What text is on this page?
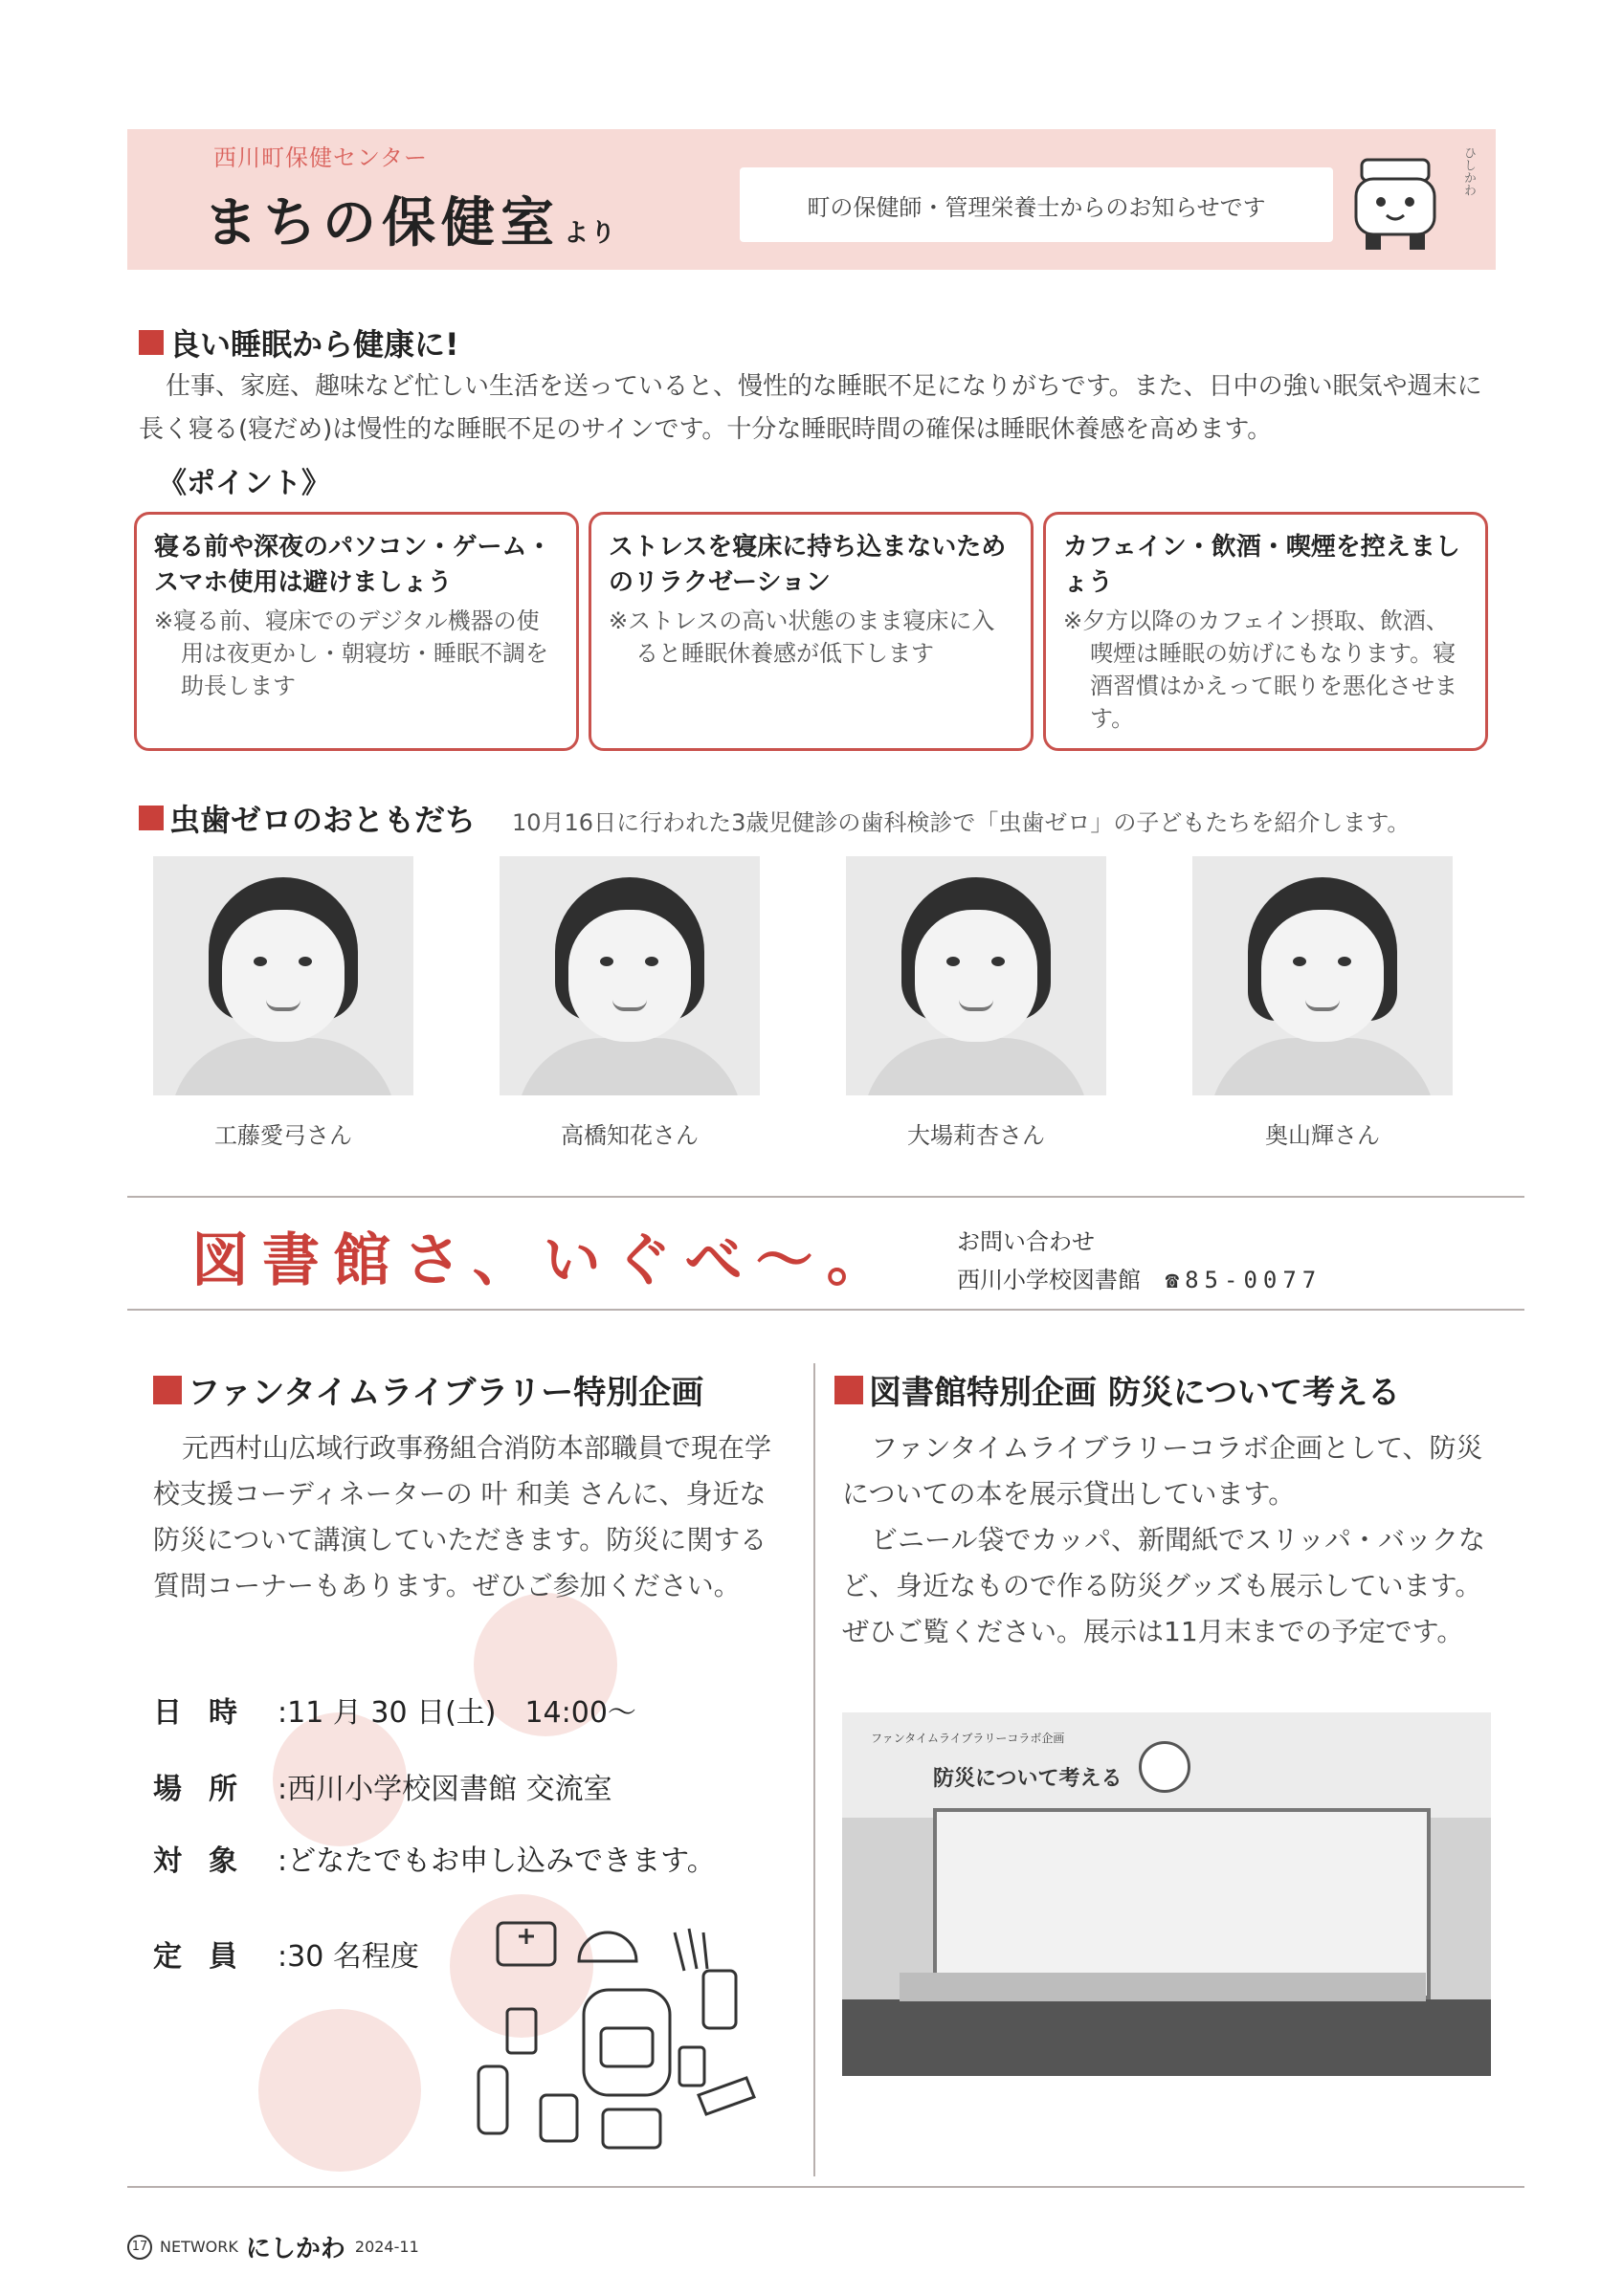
西川町保健センター
まちの保健室 より
町の保健師・管理栄養士からのお知らせです
ひしかわ
良い睡眠から健康に!
仕事、家庭、趣味など忙しい生活を送っていると、慢性的な睡眠不足になりがちです。また、日中の強い眠気や週末に長く寝る(寝だめ)は慢性的な睡眠不足のサインです。十分な睡眠時間の確保は睡眠休養感を高めます。
《ポイント》
寝る前や深夜のパソコン・ゲーム・スマホ使用は避けましょう
※寝る前、寝床でのデジタル機器の使用は夜更かし・朝寝坊・睡眠不調を助長します
ストレスを寝床に持ち込まないためのリラクゼーション
※ストレスの高い状態のまま寝床に入ると睡眠休養感が低下します
カフェイン・飲酒・喫煙を控えましょう
※夕方以降のカフェイン摂取、飲酒、喫煙は睡眠の妨げにもなります。寝酒習慣はかえって眠りを悪化させます。
虫歯ゼロのおともだち 10月16日に行われた3歳児健診の歯科検診で「虫歯ゼロ」の子どもたちを紹介します。
工藤愛弓さん	高橋知花さん	大場莉杏さん	奥山輝さん
図書館さ、いぐべ〜。	お問い合わせ
西川小学校図書館 ☎85-0077
ファンタイムライブラリー特別企画
元西村山広域行政事務組合消防本部職員で現在学校支援コーディネーターの 叶 和美 さんに、身近な防災について講演していただきます。防災に関する質問コーナーもあります。ぜひご参加ください。
日時 :11 月 30 日(土)　14:00〜
場所 :西川小学校図書館 交流室
対象 :どなたでもお申し込みできます。
定員 :30 名程度
図書館特別企画 防災について考える
ファンタイムライブラリーコラボ企画として、防災についての本を展示貸出しています。
ビニール袋でカッパ、新聞紙でスリッパ・バックなど、身近なもので作る防災グッズも展示しています。ぜひご覧ください。展示は11月末までの予定です。
ファンタイムライブラリーコラボ企画
防災について考える
17 NETWORK にしかわ 2024-11
